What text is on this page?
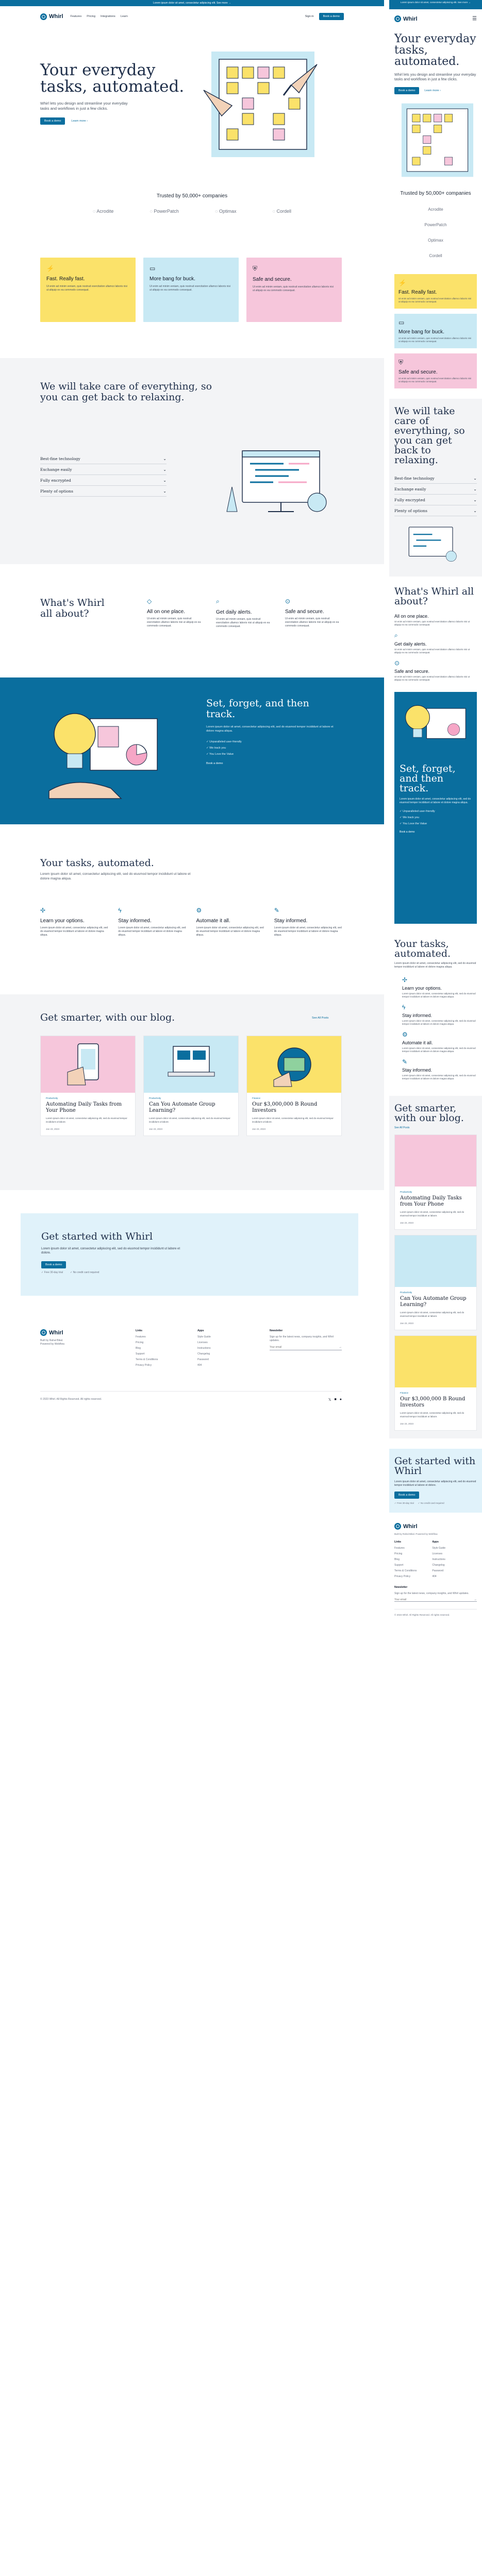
Lorem ipsum dolor sit amet, consectetur adipiscing elit. See more →
Whirl	Features Pricing Integrations Learn	Sign in	Book a demo
Your everyday tasks, automated.
Whirl lets you design and streamline your everyday tasks and workflows in just a few clicks.
Book a demo	Learn more ›
Trusted by 50,000+ companies
◌ Acrodite	◌ PowerPatch	◌ Optimax	◌ Cordell
⚡
Fast. Really fast.

Ut enim ad minim veniam, quis nostrud exercitation ullamco laboris nisi ut aliquip ex ea commodo consequat.

▭
More bang for buck.

Ut enim ad minim veniam, quis nostrud exercitation ullamco laboris nisi ut aliquip ex ea commodo consequat.

⛨
Safe and secure.

Ut enim ad minim veniam, quis nostrud exercitation ullamco laboris nisi ut aliquip ex ea commodo consequat.

We will take care of everything, so you can get back to relaxing.
Best-fine technology
⌄
Exchange easily
⌄
Fully encrypted
⌄
Plenty of options
⌄
What's Whirl all about?
◇
All on one place.

Ut enim ad minim veniam, quis nostrud exercitation ullamco laboris nisi ut aliquip ex ea commodo consequat.

⌕
Get daily alerts.

Ut enim ad minim veniam, quis nostrud exercitation ullamco laboris nisi ut aliquip ex ea commodo consequat.

⊙
Safe and secure.

Ut enim ad minim veniam, quis nostrud exercitation ullamco laboris nisi ut aliquip ex ea commodo consequat.

Set, forget, and then track.
Lorem ipsum dolor sit amet, consectetur adipiscing elit, sed do eiusmod tempor incididunt ut labore et dolore magna aliqua.
✓ Unparalleled user-friendly
✓ We track you
✓ You Love the Value
Book a demo
Your tasks, automated.
Lorem ipsum dolor sit amet, consectetur adipiscing elit, sed do eiusmod tempor incididunt ut labore et dolore magna aliqua.
✢
Learn your options.

Lorem ipsum dolor sit amet, consectetur adipiscing elit, sed do eiusmod tempor incididunt ut labore et dolore magna aliqua.

ϟ
Stay informed.

Lorem ipsum dolor sit amet, consectetur adipiscing elit, sed do eiusmod tempor incididunt ut labore et dolore magna aliqua.

⚙
Automate it all.

Lorem ipsum dolor sit amet, consectetur adipiscing elit, sed do eiusmod tempor incididunt ut labore et dolore magna aliqua.

✎
Stay informed.

Lorem ipsum dolor sit amet, consectetur adipiscing elit, sed do eiusmod tempor incididunt ut labore et dolore magna aliqua.

Get smarter, with our blog.	See All Posts
Productivity
Automating Daily Tasks from Your Phone
Lorem ipsum dolor sit amet, consectetur adipiscing elit, sed do eiusmod tempor incididunt ut labore.
Jan 23, 2023
Productivity
Can You Automate Group Learning?
Lorem ipsum dolor sit amet, consectetur adipiscing elit, sed do eiusmod tempor incididunt ut labore.
Jan 23, 2023
Finance
Our $3,000,000 B Round Investors
Lorem ipsum dolor sit amet, consectetur adipiscing elit, sed do eiusmod tempor incididunt ut labore.
Jan 23, 2023
Get started with Whirl
Lorem ipsum dolor sit amet, consectetur adipiscing elit, sed do eiusmod tempor incididunt ut labore et dolore.
Book a demo
✓ Free 30-day trial	✓ No credit card required
Whirl
Built by Rahal Bikal. Powered by Webflow.
Links
Features
Pricing
Blog
Support
Terms & Conditions
Privacy Policy
Apps
Style Guide
Licenses
Instructions
Changelog
Password
404
Newsletter
Sign up for the latest news, company insights, and Whirl updates.
Your email
→
© 2023 Whirl. All Rights Reserved. All rights reserved.	𝕏 ■ ●
Lorem ipsum dolor sit amet, consectetur adipiscing elit. See more →
Whirl	☰
Your everyday tasks, automated.
Whirl lets you design and streamline your everyday tasks and workflows in just a few clicks.
Book a demo	Learn more ›
Trusted by 50,000+ companies
Acrodite
PowerPatch
Optimax
Cordell
⚡
Fast. Really fast.

Ut enim ad minim veniam, quis nostrud exercitation ullamco laboris nisi ut aliquip ex ea commodo consequat.

▭
More bang for buck.

Ut enim ad minim veniam, quis nostrud exercitation ullamco laboris nisi ut aliquip ex ea commodo consequat.

⛨
Safe and secure.

Ut enim ad minim veniam, quis nostrud exercitation ullamco laboris nisi ut aliquip ex ea commodo consequat.

We will take care of everything, so you can get back to relaxing.
Best-fine technology
⌄
Exchange easily
⌄
Fully encrypted
⌄
Plenty of options
⌄
What's Whirl all about?
All on one place.

Ut enim ad minim veniam, quis nostrud exercitation ullamco laboris nisi ut aliquip ex ea commodo consequat.

⌕
Get daily alerts.

Ut enim ad minim veniam, quis nostrud exercitation ullamco laboris nisi ut aliquip ex ea commodo consequat.

⊙
Safe and secure.

Ut enim ad minim veniam, quis nostrud exercitation ullamco laboris nisi ut aliquip ex ea commodo consequat.

Set, forget, and then track.
Lorem ipsum dolor sit amet, consectetur adipiscing elit, sed do eiusmod tempor incididunt ut labore et dolore magna aliqua.
✓ Unparalleled user-friendly
✓ We track you
✓ You Love the Value
Book a demo
Your tasks, automated.
Lorem ipsum dolor sit amet, consectetur adipiscing elit, sed do eiusmod tempor incididunt ut labore et dolore magna aliqua.
✢
Learn your options.

Lorem ipsum dolor sit amet, consectetur adipiscing elit, sed do eiusmod tempor incididunt ut labore et dolore magna aliqua.

ϟ
Stay informed.

Lorem ipsum dolor sit amet, consectetur adipiscing elit, sed do eiusmod tempor incididunt ut labore et dolore magna aliqua.

⚙
Automate it all.

Lorem ipsum dolor sit amet, consectetur adipiscing elit, sed do eiusmod tempor incididunt ut labore et dolore magna aliqua.

✎
Stay informed.

Lorem ipsum dolor sit amet, consectetur adipiscing elit, sed do eiusmod tempor incididunt ut labore et dolore magna aliqua.

Get smarter, with our blog.
See All Posts
Productivity
Automating Daily Tasks from Your Phone
Lorem ipsum dolor sit amet, consectetur adipiscing elit, sed do eiusmod tempor incididunt ut labore.
Jan 23, 2023
Productivity
Can You Automate Group Learning?
Lorem ipsum dolor sit amet, consectetur adipiscing elit, sed do eiusmod tempor incididunt ut labore.
Jan 23, 2023
Finance
Our $3,000,000 B Round Investors
Lorem ipsum dolor sit amet, consectetur adipiscing elit, sed do eiusmod tempor incididunt ut labore.
Jan 23, 2023
Get started with Whirl
Lorem ipsum dolor sit amet, consectetur adipiscing elit, sed do eiusmod tempor incididunt ut labore et dolore.
Book a demo
✓ Free 30-day trial ✓ No credit card required
Whirl
Built by Rahal Bikal. Powered by Webflow.
Links
Features
Pricing
Blog
Support
Terms & Conditions
Privacy Policy
Apps
Style Guide
Licenses
Instructions
Changelog
Password
404
Newsletter
Sign up for the latest news, company insights, and Whirl updates.
Your email
→
© 2023 Whirl. All Rights Reserved. All rights reserved.
